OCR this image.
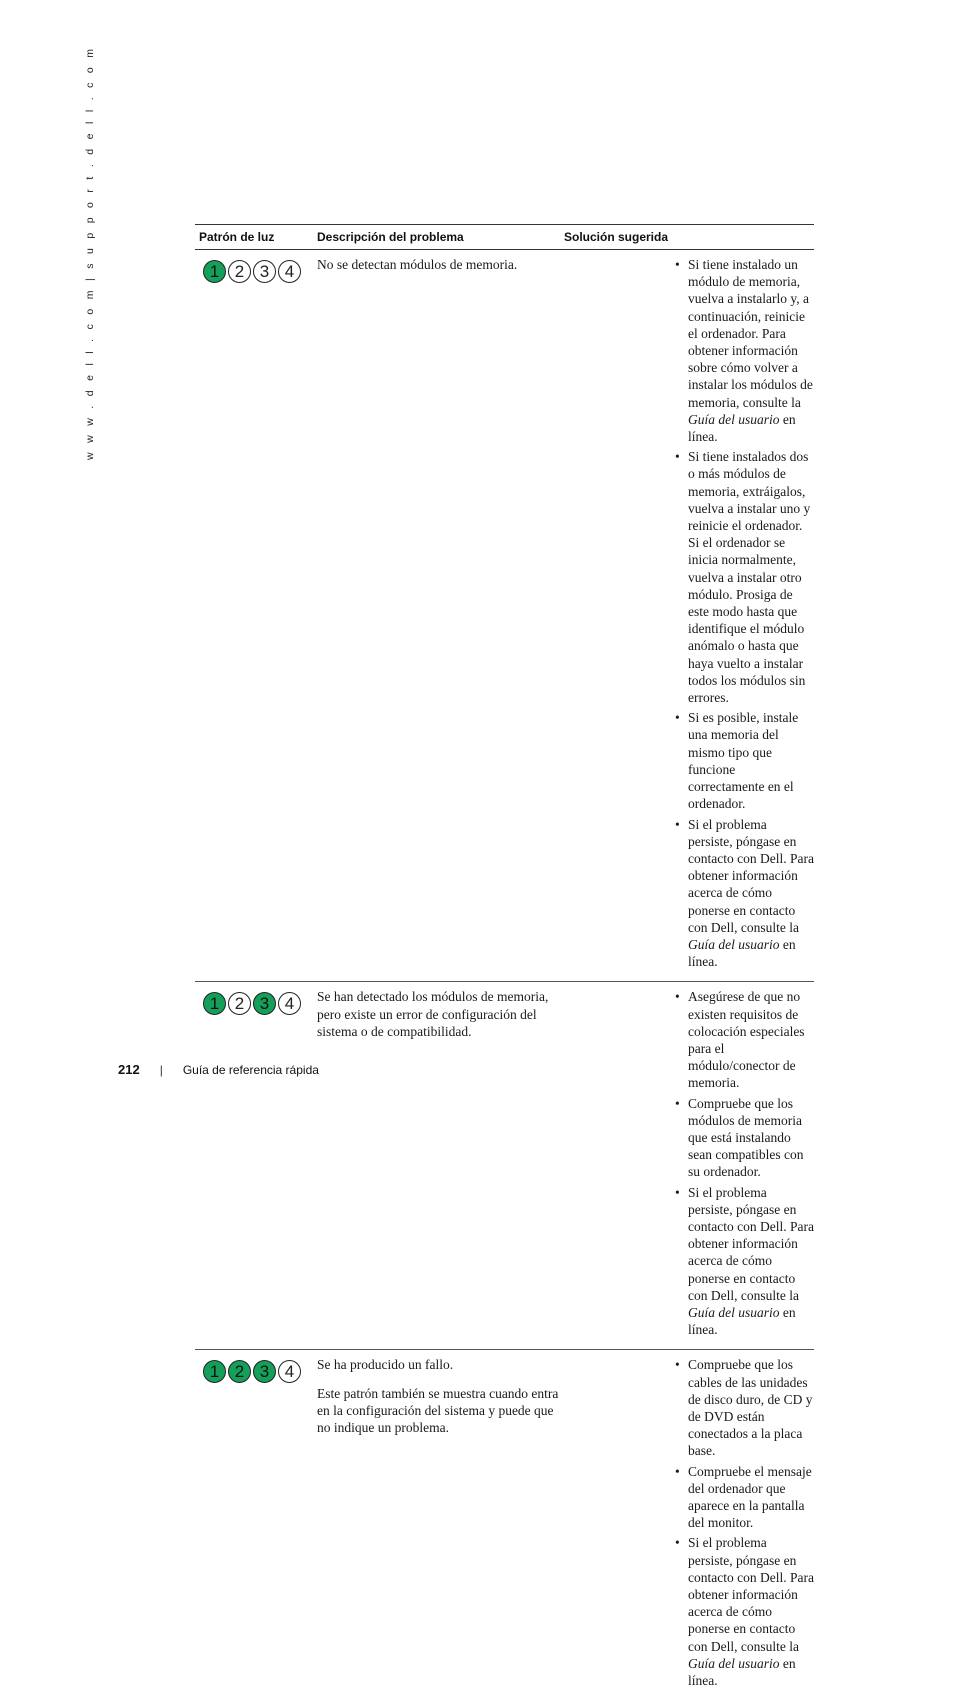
w w w . d e l l . c o m | s u p p o r t . d e l l . c o m	Patrón de luz	Descripción del problema	Solución sugerida
1 2 3 4	No se detectan módulos de memoria.

•	Si tiene instalado un módulo de memoria, vuelva a instalarlo y, a continuación, reinicie el ordenador. Para obtener información sobre cómo volver a instalar los módulos de memoria, consulte la Guía del usuario en línea.
• Si tiene instalados dos o más módulos de memoria, extráigalos, vuelva a instalar uno y reinicie el ordenador. Si el ordenador se inicia normalmente, vuelva a instalar otro módulo. Prosiga de este modo hasta que identifique el módulo anómalo o hasta que haya vuelto a instalar todos los módulos sin errores.
• Si es posible, instale una memoria del mismo tipo que funcione correctamente en el ordenador.
• Si el problema persiste, póngase en contacto con Dell. Para obtener información acerca de cómo ponerse en contacto con Dell, consulte la Guía del usuario en línea.
1 2 3 4	Se han detectado los módulos de memoria, pero existe un error de configuración del sistema o de compatibilidad.

• Asegúrese de que no existen requisitos de colocación especiales para el módulo/conector de memoria.
• Compruebe que los módulos de memoria que está instalando sean compatibles con su ordenador.
• Si el problema persiste, póngase en contacto con Dell. Para obtener información acerca de cómo ponerse en contacto con Dell, consulte la Guía del usuario en línea.
1 2 3 4	Se ha producido un fallo.

Este patrón también se muestra cuando entra en la configuración del sistema y puede que no indique un problema.

• Compruebe que los cables de las unidades de disco duro, de CD y de DVD están conectados a la placa base.
• Compruebe el mensaje del ordenador que aparece en la pantalla del monitor.
• Si el problema persiste, póngase en contacto con Dell. Para obtener información acerca de cómo ponerse en contacto con Dell, consulte la Guía del usuario en línea.
212 | Guía de referencia rápida
